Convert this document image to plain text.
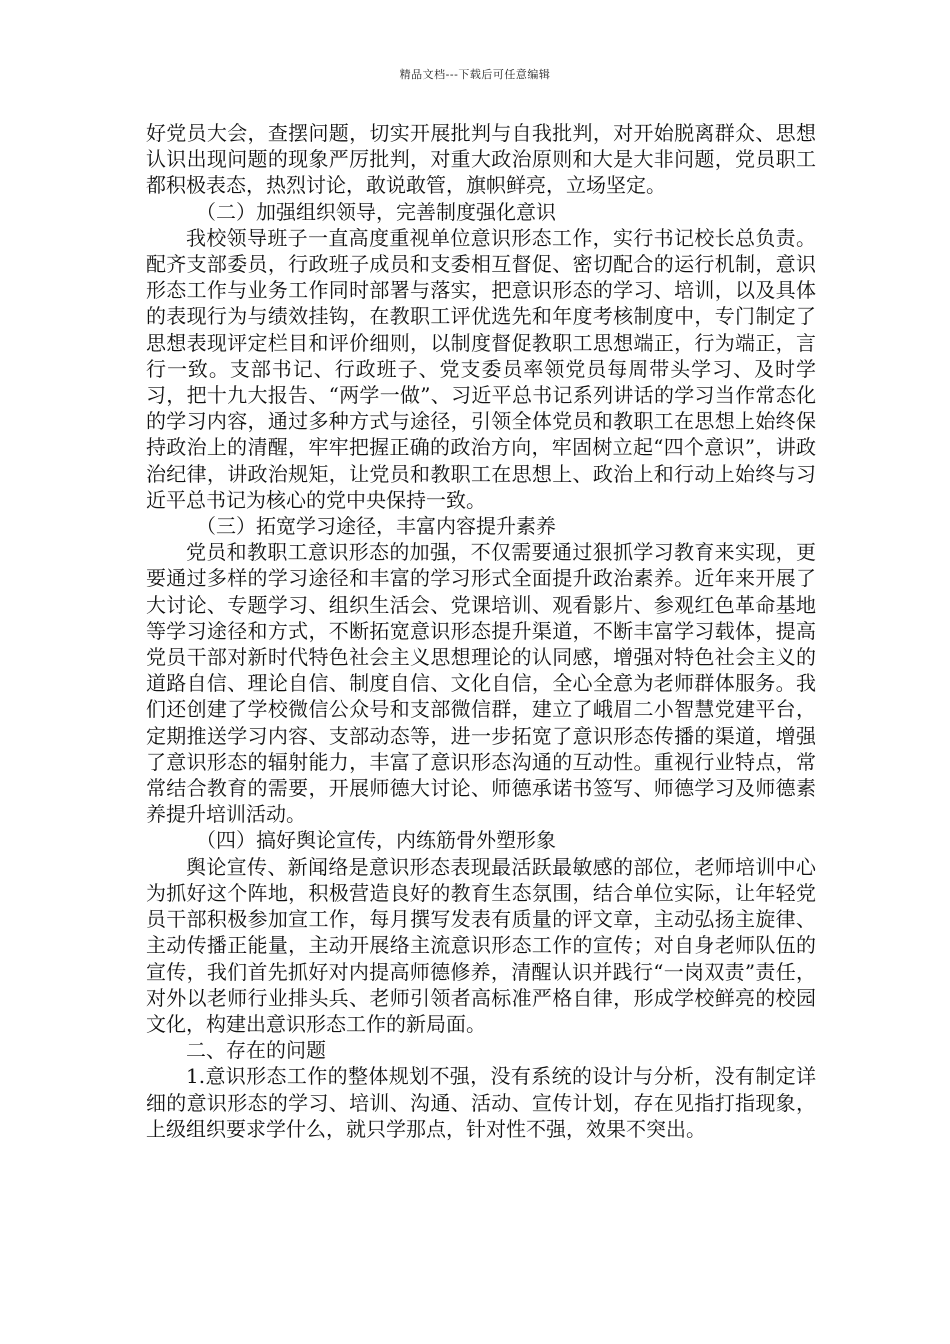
精品文档---下载后可任意编辑

好党员大会，查摆问题，切实开展批判与自我批判，对开始脱离群众、思想认识出现问题的现象严厉批判，对重大政治原则和大是大非问题，党员职工都积极表态，热烈讨论，敢说敢管，旗帜鲜亮，立场坚定。

（二）加强组织领导，完善制度强化意识

我校领导班子一直高度重视单位意识形态工作，实行书记校长总负责。配齐支部委员，行政班子成员和支委相互督促、密切配合的运行机制，意识形态工作与业务工作同时部署与落实，把意识形态的学习、培训，以及具体的表现行为与绩效挂钩，在教职工评优选先和年度考核制度中，专门制定了思想表现评定栏目和评价细则，以制度督促教职工思想端正，行为端正，言行一致。支部书记、行政班子、党支委员率领党员每周带头学习、及时学习，把十九大报告、“两学一做”、习近平总书记系列讲话的学习当作常态化的学习内容，通过多种方式与途径，引领全体党员和教职工在思想上始终保持政治上的清醒，牢牢把握正确的政治方向，牢固树立起“四个意识”，讲政治纪律，讲政治规矩，让党员和教职工在思想上、政治上和行动上始终与习近平总书记为核心的党中央保持一致。

（三）拓宽学习途径，丰富内容提升素养

党员和教职工意识形态的加强，不仅需要通过狠抓学习教育来实现，更要通过多样的学习途径和丰富的学习形式全面提升政治素养。近年来开展了大讨论、专题学习、组织生活会、党课培训、观看影片、参观红色革命基地等学习途径和方式，不断拓宽意识形态提升渠道，不断丰富学习载体，提高党员干部对新时代特色社会主义思想理论的认同感，增强对特色社会主义的道路自信、理论自信、制度自信、文化自信，全心全意为老师群体服务。我们还创建了学校微信公众号和支部微信群，建立了峨眉二小智慧党建平台，定期推送学习内容、支部动态等，进一步拓宽了意识形态传播的渠道，增强了意识形态的辐射能力，丰富了意识形态沟通的互动性。重视行业特点，常常结合教育的需要，开展师德大讨论、师德承诺书签写、师德学习及师德素养提升培训活动。

（四）搞好舆论宣传，内练筋骨外塑形象

舆论宣传、新闻络是意识形态表现最活跃最敏感的部位，老师培训中心为抓好这个阵地，积极营造良好的教育生态氛围，结合单位实际，让年轻党员干部积极参加宣工作，每月撰写发表有质量的评文章，主动弘扬主旋律、主动传播正能量，主动开展络主流意识形态工作的宣传；对自身老师队伍的宣传，我们首先抓好对内提高师德修养，清醒认识并践行“一岗双责”责任，对外以老师行业排头兵、老师引领者高标准严格自律，形成学校鲜亮的校园文化，构建出意识形态工作的新局面。

二、存在的问题

1.意识形态工作的整体规划不强，没有系统的设计与分析，没有制定详细的意识形态的学习、培训、沟通、活动、宣传计划，存在见指打指现象，上级组织要求学什么，就只学那点，针对性不强，效果不突出。
